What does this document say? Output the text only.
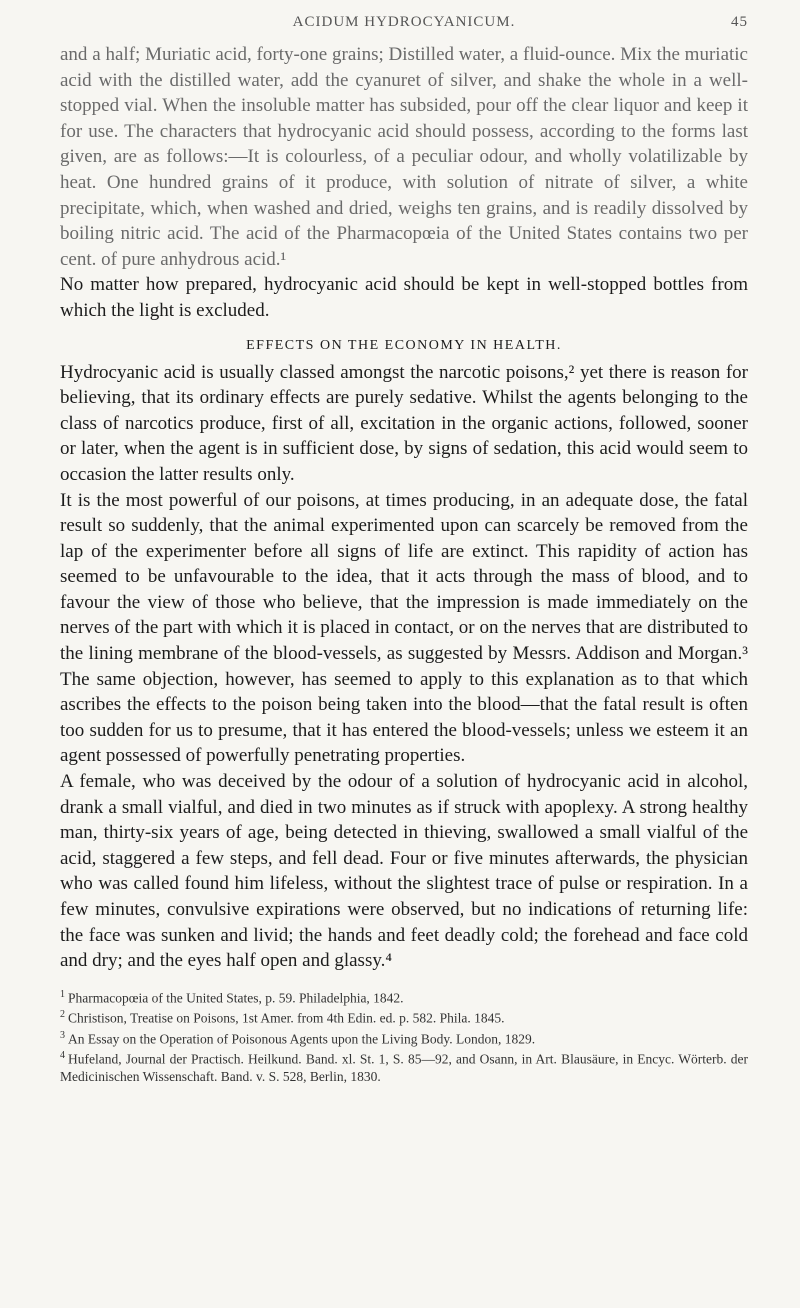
ACIDUM HYDROCYANICUM.	45

and a half; Muriatic acid, forty-one grains; Distilled water, a fluid-ounce. Mix the muriatic acid with the distilled water, add the cyanuret of silver, and shake the whole in a well-stopped vial. When the insoluble matter has subsided, pour off the clear liquor and keep it for use. The characters that hydrocyanic acid should possess, according to the forms last given, are as follows:—It is colourless, of a peculiar odour, and wholly volatilizable by heat. One hundred grains of it produce, with solution of nitrate of silver, a white precipitate, which, when washed and dried, weighs ten grains, and is readily dissolved by boiling nitric acid. The acid of the Pharmacopœia of the United States contains two per cent. of pure anhydrous acid.¹

No matter how prepared, hydrocyanic acid should be kept in well-stopped bottles from which the light is excluded.

EFFECTS ON THE ECONOMY IN HEALTH.

Hydrocyanic acid is usually classed amongst the narcotic poisons,² yet there is reason for believing, that its ordinary effects are purely sedative. Whilst the agents belonging to the class of narcotics produce, first of all, excitation in the organic actions, followed, sooner or later, when the agent is in sufficient dose, by signs of sedation, this acid would seem to occasion the latter results only.

It is the most powerful of our poisons, at times producing, in an adequate dose, the fatal result so suddenly, that the animal experimented upon can scarcely be removed from the lap of the experimenter before all signs of life are extinct. This rapidity of action has seemed to be unfavourable to the idea, that it acts through the mass of blood, and to favour the view of those who believe, that the impression is made immediately on the nerves of the part with which it is placed in contact, or on the nerves that are distributed to the lining membrane of the blood-vessels, as suggested by Messrs. Addison and Morgan.³ The same objection, however, has seemed to apply to this explanation as to that which ascribes the effects to the poison being taken into the blood—that the fatal result is often too sudden for us to presume, that it has entered the blood-vessels; unless we esteem it an agent possessed of powerfully penetrating properties.

A female, who was deceived by the odour of a solution of hydrocyanic acid in alcohol, drank a small vialful, and died in two minutes as if struck with apoplexy. A strong healthy man, thirty-six years of age, being detected in thieving, swallowed a small vialful of the acid, staggered a few steps, and fell dead. Four or five minutes afterwards, the physician who was called found him lifeless, without the slightest trace of pulse or respiration. In a few minutes, convulsive expirations were observed, but no indications of returning life: the face was sunken and livid; the hands and feet deadly cold; the forehead and face cold and dry; and the eyes half open and glassy.⁴

$^1$ Pharmacopœia of the United States, p. 59. Philadelphia, 1842.

$^2$ Christison, Treatise on Poisons, 1st Amer. from 4th Edin. ed. p. 582. Phila. 1845.

$^3$ An Essay on the Operation of Poisonous Agents upon the Living Body. London, 1829.

$^4$ Hufeland, Journal der Practisch. Heilkund. Band. xl. St. 1, S. 85—92, and Osann, in Art. Blausäure, in Encyc. Wörterb. der Medicinischen Wissenschaft. Band. v. S. 528, Berlin, 1830.
